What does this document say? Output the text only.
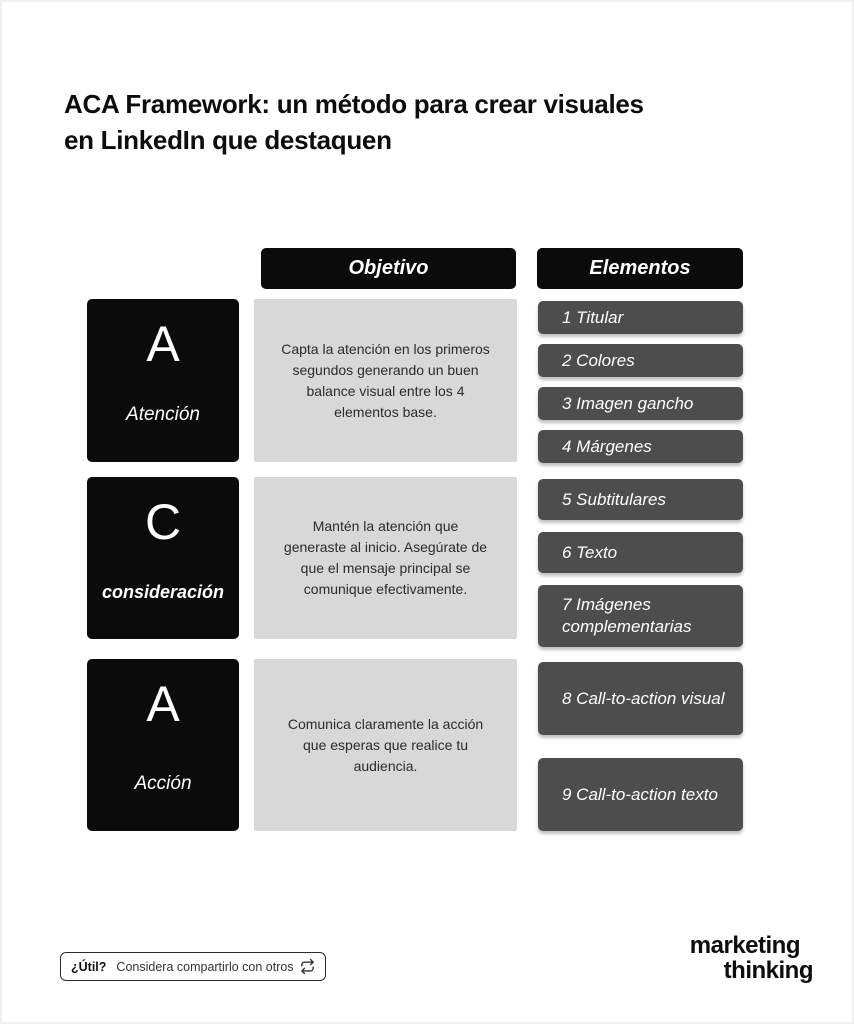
ACA Framework: un método para crear visuales
en LinkedIn que destaquen
Objetivo	Elementos
A
Atención
Capta la atención en los primeros segundos generando un buen balance visual entre los 4 elementos base.
1 Titular
2 Colores
3 Imagen gancho
4 Márgenes
C
consideración
Mantén la atención que generaste al inicio. Asegúrate de que el mensaje principal se comunique efectivamente.
5 Subtitulares
6 Texto
7 Imágenes complementarias
A
Acción
Comunica claramente la acción que esperas que realice tu audiencia.
8 Call-to-action visual
9 Call-to-action texto
¿Útil? Considera compartirlo con otros
marketing
thinking
